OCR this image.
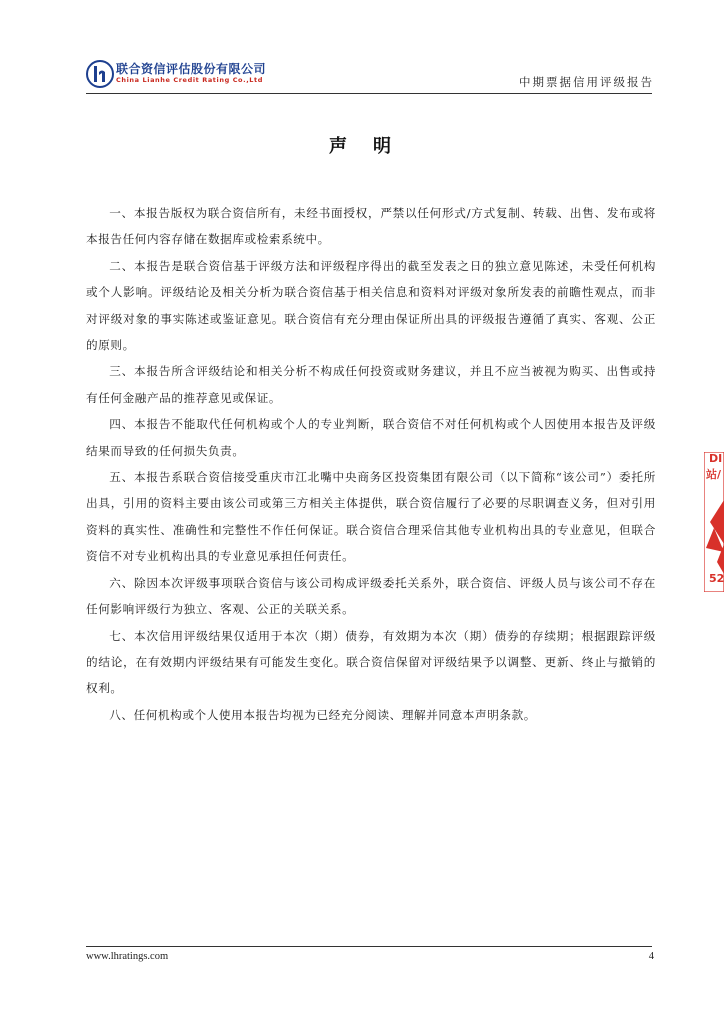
联合资信评估股份有限公司
China Lianhe Credit Rating Co.,Ltd	中期票据信用评级报告
声明

一、本报告版权为联合资信所有，未经书面授权，严禁以任何形式/方式复制、转载、出售、发布或将本报告任何内容存储在数据库或检索系统中。

二、本报告是联合资信基于评级方法和评级程序得出的截至发表之日的独立意见陈述，未受任何机构或个人影响。评级结论及相关分析为联合资信基于相关信息和资料对评级对象所发表的前瞻性观点，而非对评级对象的事实陈述或鉴证意见。联合资信有充分理由保证所出具的评级报告遵循了真实、客观、公正的原则。

三、本报告所含评级结论和相关分析不构成任何投资或财务建议，并且不应当被视为购买、出售或持有任何金融产品的推荐意见或保证。

四、本报告不能取代任何机构或个人的专业判断，联合资信不对任何机构或个人因使用本报告及评级结果而导致的任何损失负责。

五、本报告系联合资信接受重庆市江北嘴中央商务区投资集团有限公司（以下简称“该公司”）委托所出具，引用的资料主要由该公司或第三方相关主体提供，联合资信履行了必要的尽职调查义务，但对引用资料的真实性、准确性和完整性不作任何保证。联合资信合理采信其他专业机构出具的专业意见，但联合资信不对专业机构出具的专业意见承担任何责任。

六、除因本次评级事项联合资信与该公司构成评级委托关系外，联合资信、评级人员与该公司不存在任何影响评级行为独立、客观、公正的关联关系。

七、本次信用评级结果仅适用于本次（期）债券，有效期为本次（期）债券的存续期；根据跟踪评级的结论，在有效期内评级结果有可能发生变化。联合资信保留对评级结果予以调整、更新、终止与撤销的权利。

八、任何机构或个人使用本报告均视为已经充分阅读、理解并同意本声明条款。

DI
站/
52
www.lhratings.com	4
